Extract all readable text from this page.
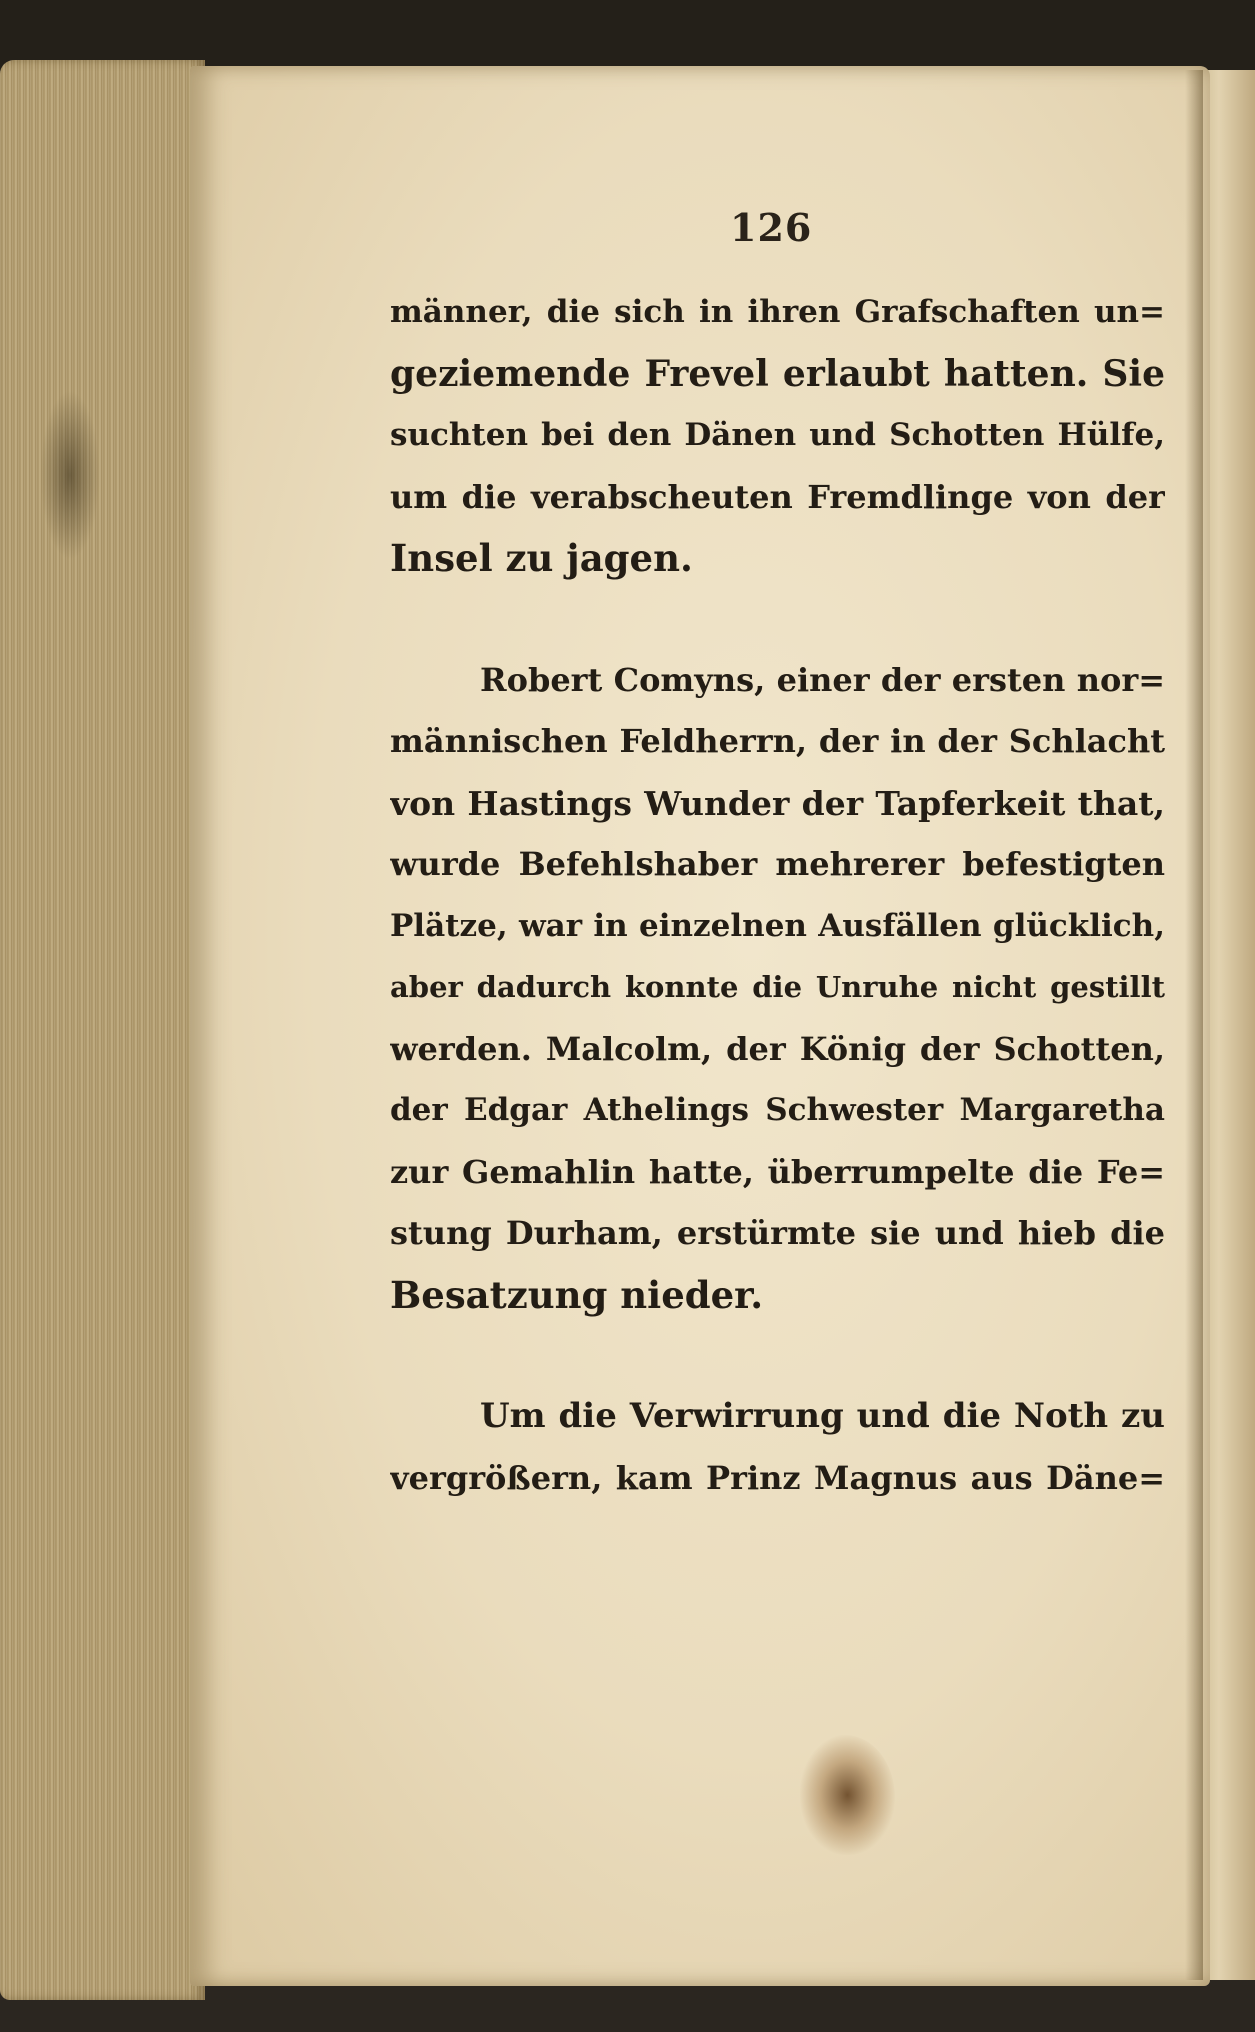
126
männer, die sich in ihren Grafschaften un=
geziemende Frevel erlaubt hatten. Sie
suchten bei den Dänen und Schotten Hülfe,
um die verabscheuten Fremdlinge von der
Insel zu jagen.
Robert Comyns, einer der ersten nor=
männischen Feldherrn, der in der Schlacht
von Hastings Wunder der Tapferkeit that,
wurde Befehlshaber mehrerer befestigten
Plätze, war in einzelnen Ausfällen glücklich,
aber dadurch konnte die Unruhe nicht gestillt
werden. Malcolm, der König der Schotten,
der Edgar Athelings Schwester Margaretha
zur Gemahlin hatte, überrumpelte die Fe=
stung Durham, erstürmte sie und hieb die
Besatzung nieder.
Um die Verwirrung und die Noth zu
vergrößern, kam Prinz Magnus aus Däne=
